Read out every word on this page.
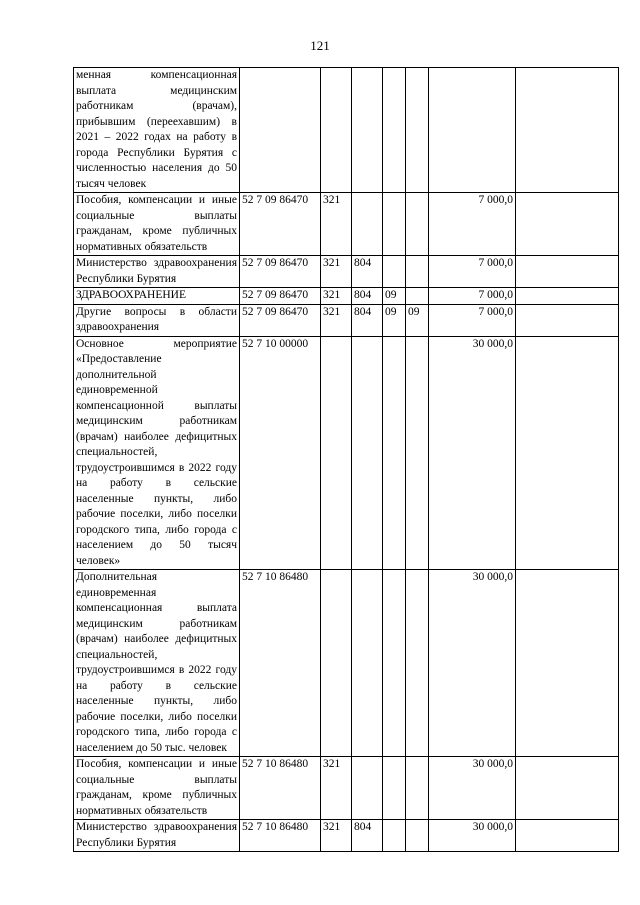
121
менная компенсационная выплата медицинским работникам (врачам), прибывшим (переехавшим) в 2021 – 2022 годах на работу в города Республики Бурятия с численностью населения до 50 тысяч человек							
Пособия, компенсации и иные социальные выплаты гражданам, кроме публичных нормативных обязательств	52 7 09 86470	321				7 000,0	
Министерство здравоохранения Республики Бурятия	52 7 09 86470	321	804			7 000,0	
ЗДРАВООХРАНЕНИЕ	52 7 09 86470	321	804	09		7 000,0	
Другие вопросы в области здравоохранения	52 7 09 86470	321	804	09	09	7 000,0	
Основное мероприятие «Предоставление дополнительной единовременной компенсационной выплаты медицинским работникам (врачам) наиболее дефицитных специальностей, трудоустроившимся в 2022 году на работу в сельские населенные пункты, либо рабочие поселки, либо поселки городского типа, либо города с населением до 50 тысяч человек»	52 7 10 00000					30 000,0	
Дополнительная единовременная компенсационная выплата медицинским работникам (врачам) наиболее дефицитных специальностей, трудоустроившимся в 2022 году на работу в сельские населенные пункты, либо рабочие поселки, либо поселки городского типа, либо города с населением до 50 тыс. человек	52 7 10 86480					30 000,0	
Пособия, компенсации и иные социальные выплаты гражданам, кроме публичных нормативных обязательств	52 7 10 86480	321				30 000,0	
Министерство здравоохранения Республики Бурятия	52 7 10 86480	321	804			30 000,0	
